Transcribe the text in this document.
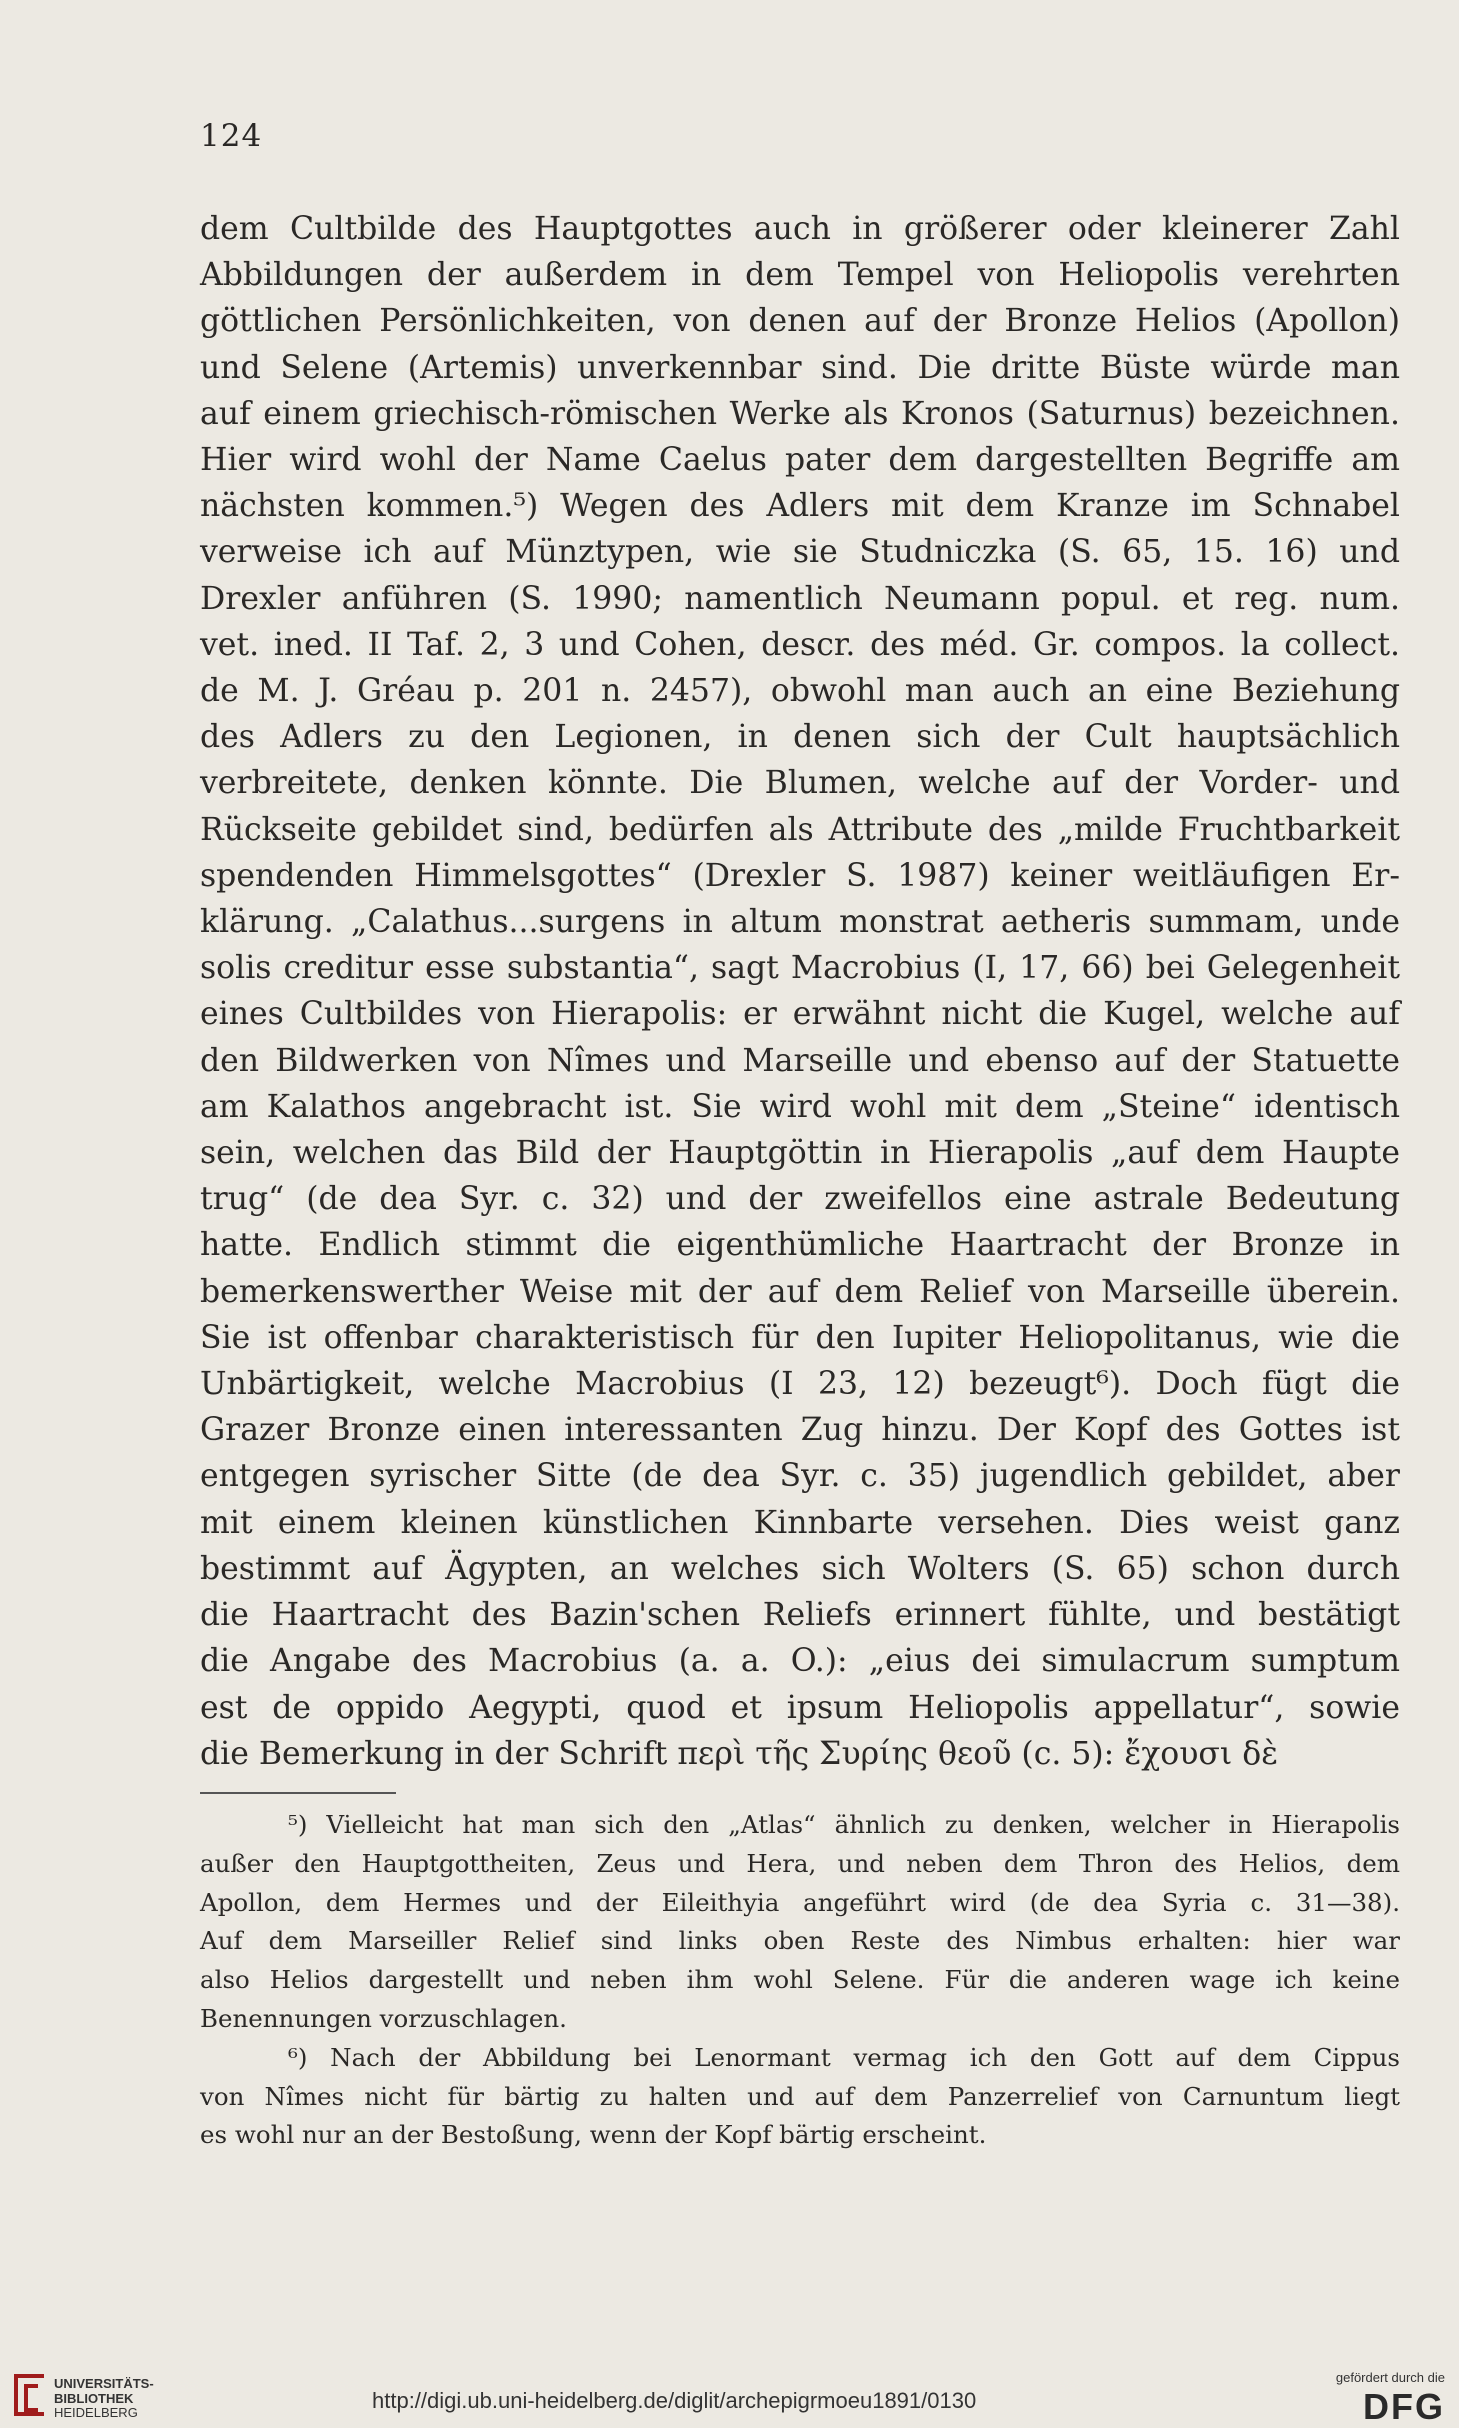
124
dem Cultbilde des Hauptgottes auch in größerer oder kleinerer Zahl
Abbildungen der außerdem in dem Tempel von Heliopolis verehrten
göttlichen Persönlichkeiten, von denen auf der Bronze Helios (Apollon)
und Selene (Artemis) unverkennbar sind. Die dritte Büste würde man
auf einem griechisch-römischen Werke als Kronos (Saturnus) bezeichnen.
Hier wird wohl der Name Caelus pater dem dargestellten Begriffe am
nächsten kommen.⁵) Wegen des Adlers mit dem Kranze im Schnabel
verweise ich auf Münztypen, wie sie Studniczka (S. 65, 15. 16) und
Drexler anführen (S. 1990; namentlich Neumann popul. et reg. num.
vet. ined. II Taf. 2, 3 und Cohen, descr. des méd. Gr. compos. la collect.
de M. J. Gréau p. 201 n. 2457), obwohl man auch an eine Beziehung
des Adlers zu den Legionen, in denen sich der Cult hauptsächlich
verbreitete, denken könnte. Die Blumen, welche auf der Vorder- und
Rückseite gebildet sind, bedürfen als Attribute des „milde Fruchtbarkeit
spendenden Himmelsgottes“ (Drexler S. 1987) keiner weitläufigen Er-
klärung. „Calathus...surgens in altum monstrat aetheris summam, unde
solis creditur esse substantia“, sagt Macrobius (I, 17, 66) bei Gelegenheit
eines Cultbildes von Hierapolis: er erwähnt nicht die Kugel, welche auf
den Bildwerken von Nîmes und Marseille und ebenso auf der Statuette
am Kalathos angebracht ist. Sie wird wohl mit dem „Steine“ identisch
sein, welchen das Bild der Hauptgöttin in Hierapolis „auf dem Haupte
trug“ (de dea Syr. c. 32) und der zweifellos eine astrale Bedeutung
hatte. Endlich stimmt die eigenthümliche Haartracht der Bronze in
bemerkenswerther Weise mit der auf dem Relief von Marseille überein.
Sie ist offenbar charakteristisch für den Iupiter Heliopolitanus, wie die
Unbärtigkeit, welche Macrobius (I 23, 12) bezeugt⁶). Doch fügt die
Grazer Bronze einen interessanten Zug hinzu. Der Kopf des Gottes ist
entgegen syrischer Sitte (de dea Syr. c. 35) jugendlich gebildet, aber
mit einem kleinen künstlichen Kinnbarte versehen. Dies weist ganz
bestimmt auf Ägypten, an welches sich Wolters (S. 65) schon durch
die Haartracht des Bazin'schen Reliefs erinnert fühlte, und bestätigt
die Angabe des Macrobius (a. a. O.): „eius dei simulacrum sumptum
est de oppido Aegypti, quod et ipsum Heliopolis appellatur“, sowie
die Bemerkung in der Schrift περὶ τῆς Συρίης θεοῦ (c. 5): ἔχουσι δὲ
⁵) Vielleicht hat man sich den „Atlas“ ähnlich zu denken, welcher in Hierapolis
außer den Hauptgottheiten, Zeus und Hera, und neben dem Thron des Helios, dem
Apollon, dem Hermes und der Eileithyia angeführt wird (de dea Syria c. 31—38).
Auf dem Marseiller Relief sind links oben Reste des Nimbus erhalten: hier war
also Helios dargestellt und neben ihm wohl Selene. Für die anderen wage ich keine
Benennungen vorzuschlagen.
⁶) Nach der Abbildung bei Lenormant vermag ich den Gott auf dem Cippus
von Nîmes nicht für bärtig zu halten und auf dem Panzerrelief von Carnuntum liegt
es wohl nur an der Bestoßung, wenn der Kopf bärtig erscheint.
UNIVERSITÄTS-
BIBLIOTHEK
HEIDELBERG	http://digi.ub.uni-heidelberg.de/diglit/archepigrmoeu1891/0130
gefördert durch die
DFG
